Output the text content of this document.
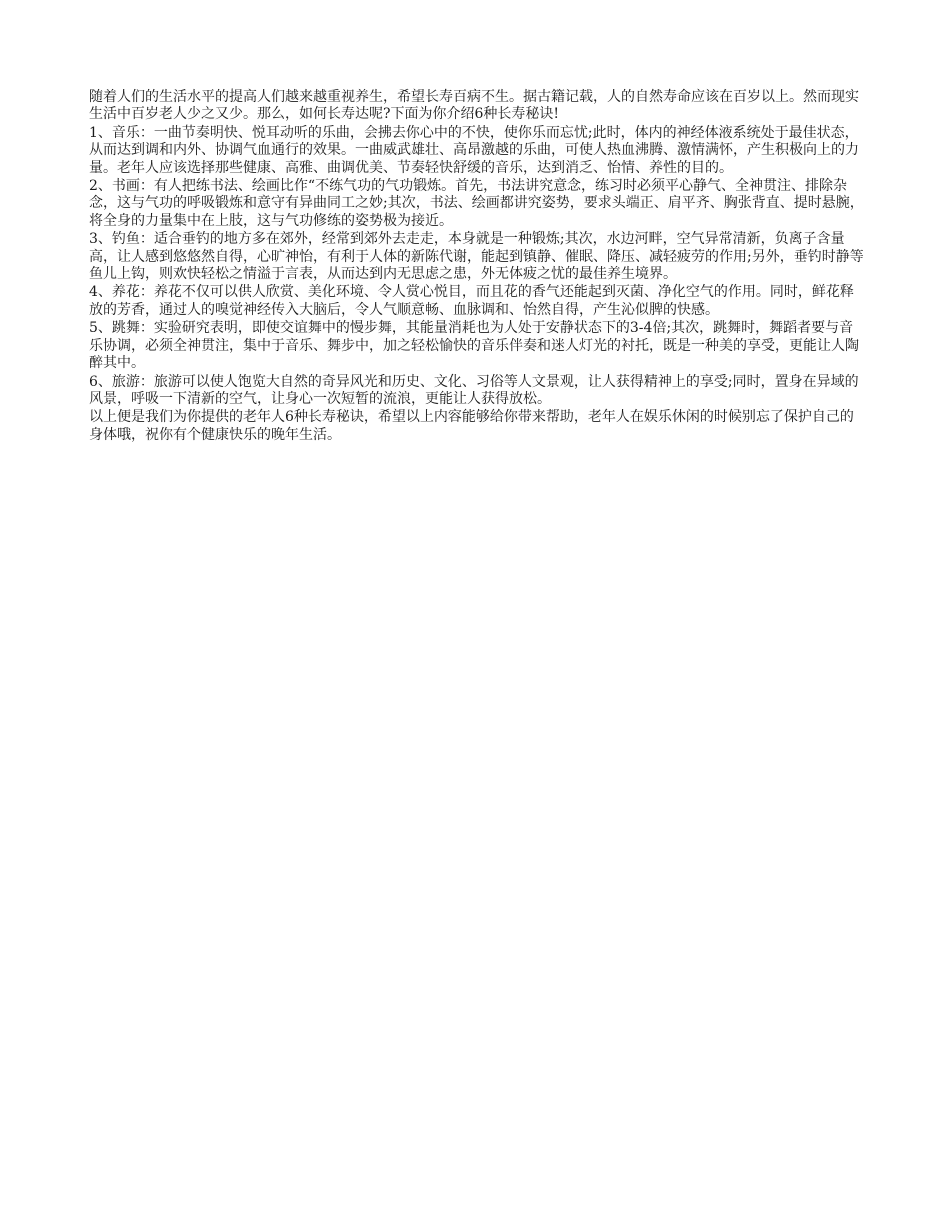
随着人们的生活水平的提高人们越来越重视养生，希望长寿百病不生。据古籍记载，人的自然寿命应该在百岁以上。然而现实生活中百岁老人少之又少。那么，如何长寿达呢?下面为你介绍6种长寿秘诀!

1、音乐：一曲节奏明快、悦耳动听的乐曲，会拂去你心中的不快，使你乐而忘忧;此时，体内的神经体液系统处于最佳状态，从而达到调和内外、协调气血通行的效果。一曲威武雄壮、高昂激越的乐曲，可使人热血沸腾、激情满怀，产生积极向上的力量。老年人应该选择那些健康、高雅、曲调优美、节奏轻快舒缓的音乐，达到消乏、怡情、养性的目的。

2、书画：有人把练书法、绘画比作“不练气功的气功锻炼。首先，书法讲究意念，练习时必须平心静气、全神贯注、排除杂念，这与气功的呼吸锻炼和意守有异曲同工之妙;其次，书法、绘画都讲究姿势，要求头端正、肩平齐、胸张背直、提时悬腕，将全身的力量集中在上肢，这与气功修练的姿势极为接近。

3、钓鱼：适合垂钓的地方多在郊外，经常到郊外去走走，本身就是一种锻炼;其次，水边河畔，空气异常清新，负离子含量高，让人感到悠悠然自得，心旷神怡，有利于人体的新陈代谢，能起到镇静、催眠、降压、减轻疲劳的作用;另外，垂钓时静等鱼儿上钩，则欢快轻松之情溢于言表，从而达到内无思虑之患，外无体疲之忧的最佳养生境界。

4、养花：养花不仅可以供人欣赏、美化环境、令人赏心悦目，而且花的香气还能起到灭菌、净化空气的作用。同时，鲜花释放的芳香，通过人的嗅觉神经传入大脑后，令人气顺意畅、血脉调和、怡然自得，产生沁似脾的快感。

5、跳舞：实验研究表明，即使交谊舞中的慢步舞，其能量消耗也为人处于安静状态下的3-4倍;其次，跳舞时，舞蹈者要与音乐协调，必须全神贯注，集中于音乐、舞步中，加之轻松愉快的音乐伴奏和迷人灯光的衬托，既是一种美的享受，更能让人陶醉其中。

6、旅游：旅游可以使人饱览大自然的奇异风光和历史、文化、习俗等人文景观，让人获得精神上的享受;同时，置身在异域的风景，呼吸一下清新的空气，让身心一次短暂的流浪，更能让人获得放松。

以上便是我们为你提供的老年人6种长寿秘诀，希望以上内容能够给你带来帮助，老年人在娱乐休闲的时候别忘了保护自己的身体哦，祝你有个健康快乐的晚年生活。
